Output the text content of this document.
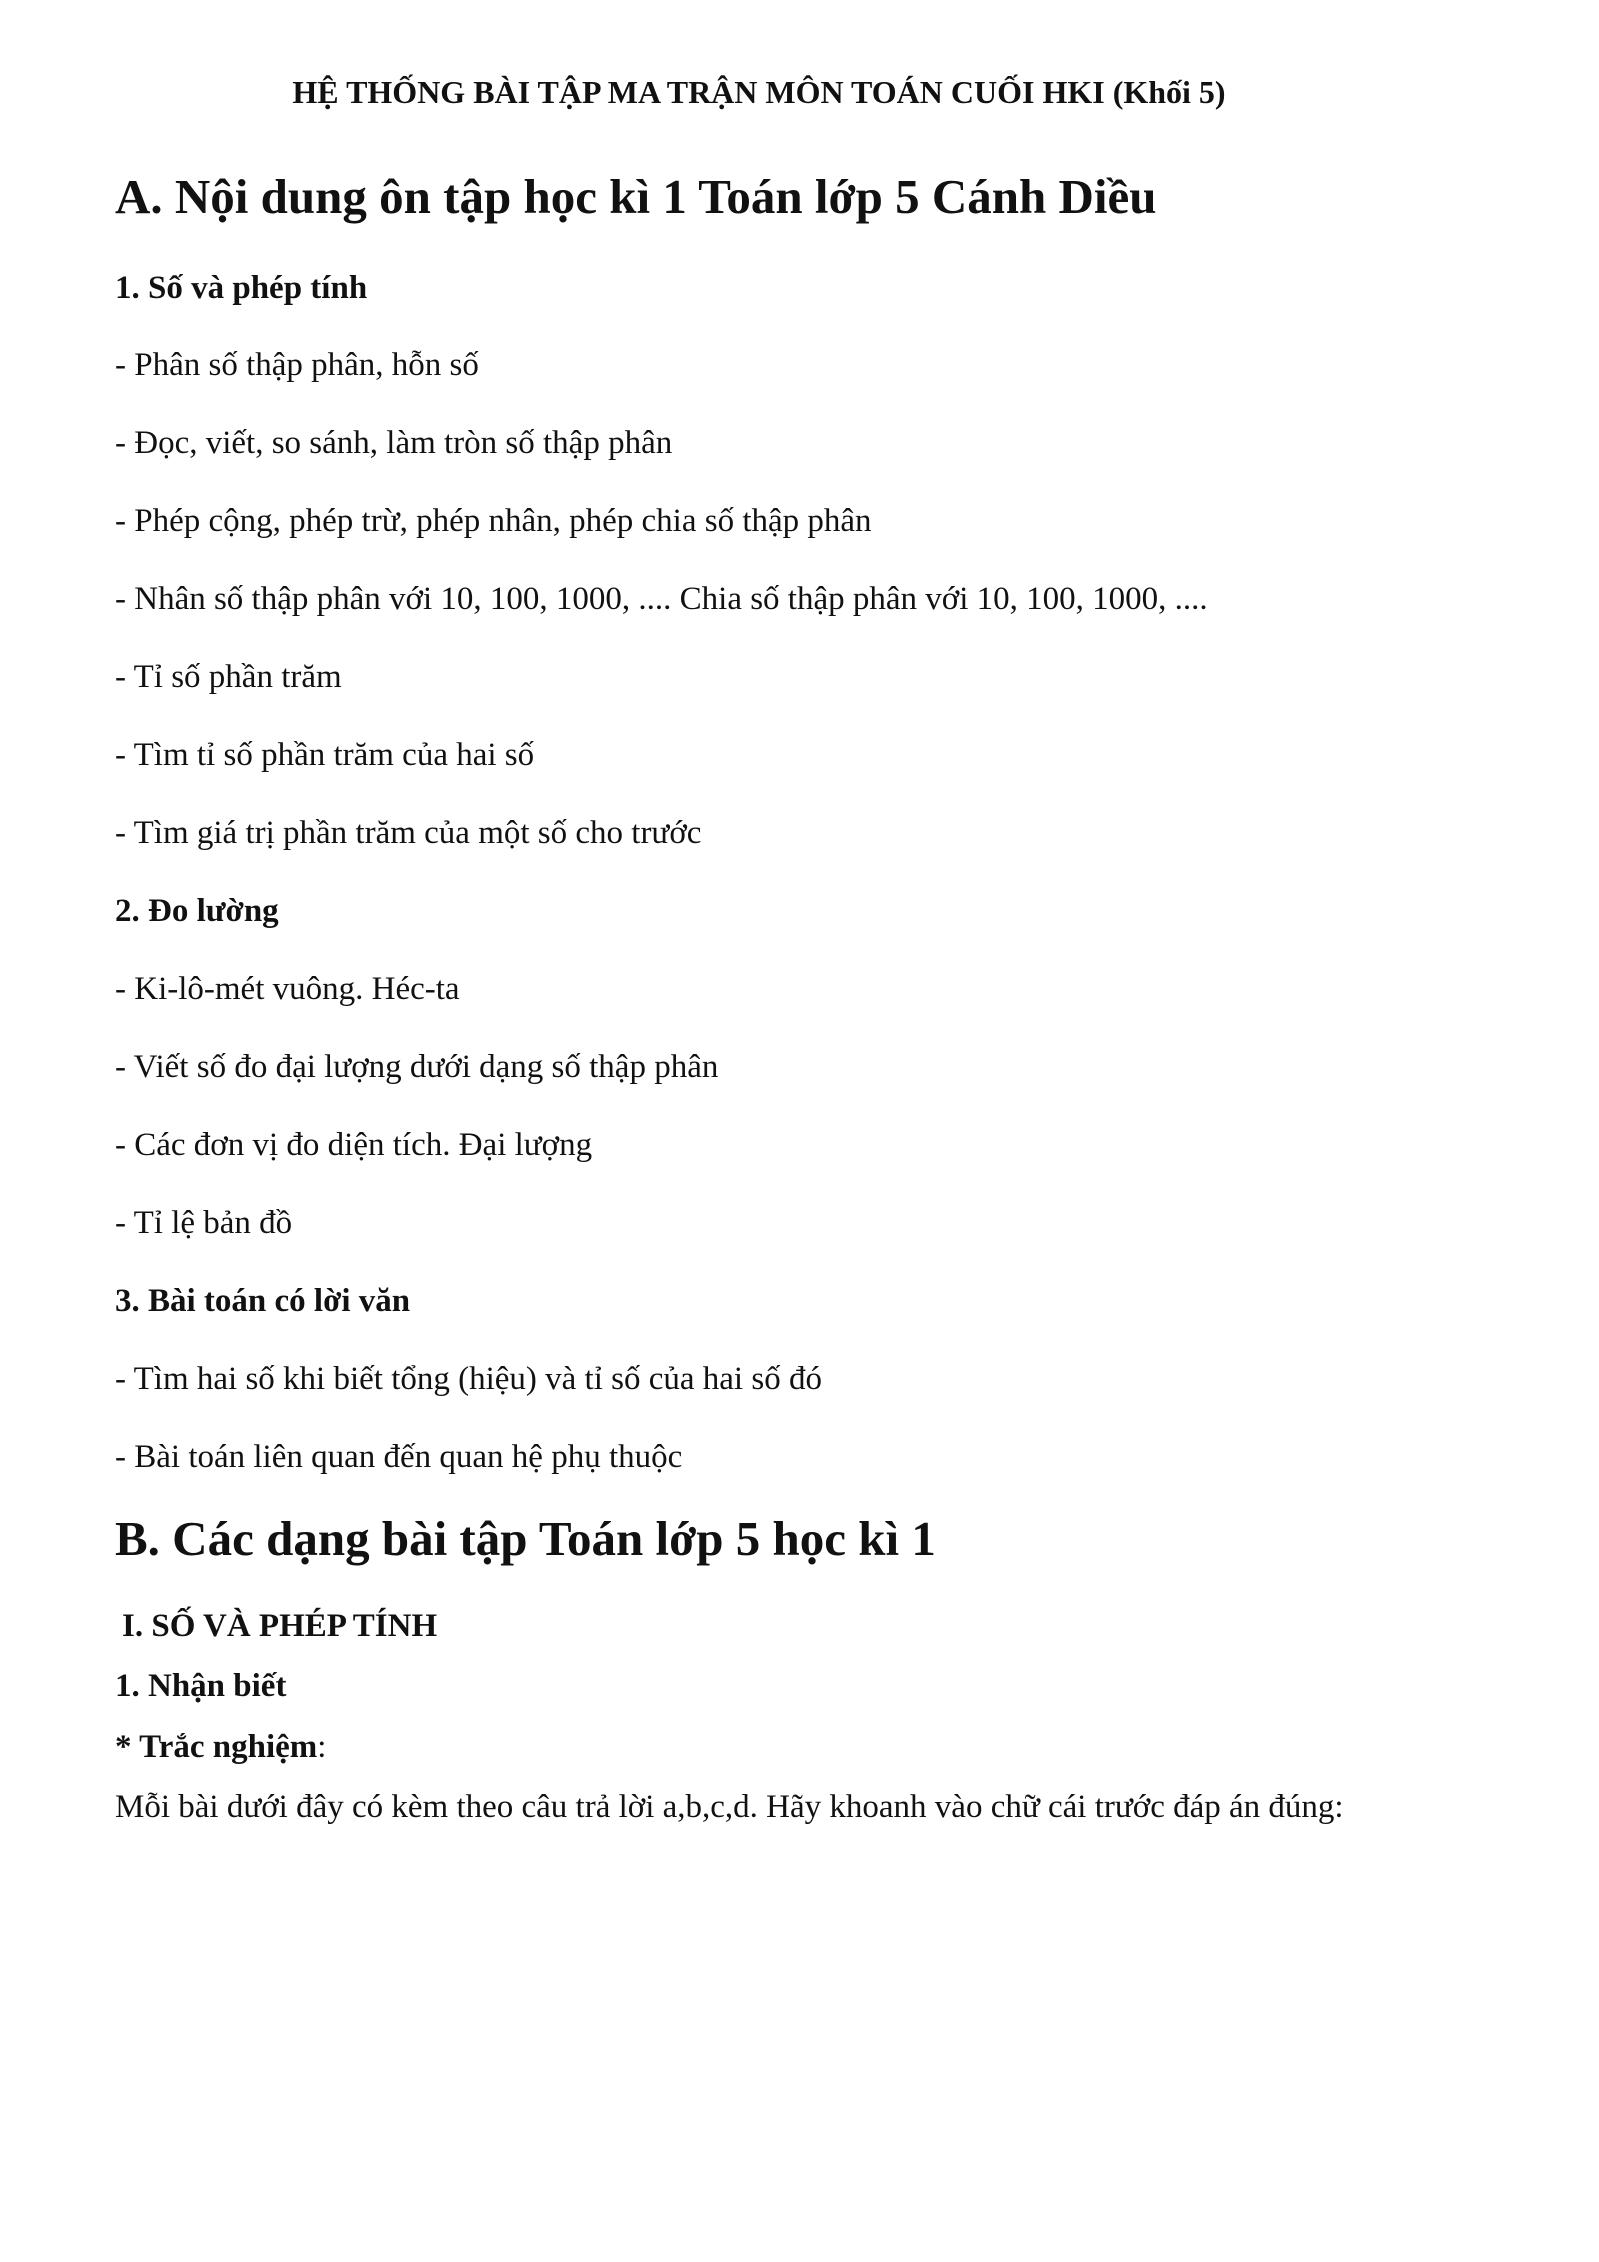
HỆ THỐNG BÀI TẬP MA TRẬN MÔN TOÁN CUỐI HKI (Khối 5)
A. Nội dung ôn tập học kì 1 Toán lớp 5 Cánh Diều
1. Số và phép tính

- Phân số thập phân, hỗn số

- Đọc, viết, so sánh, làm tròn số thập phân

- Phép cộng, phép trừ, phép nhân, phép chia số thập phân

- Nhân số thập phân với 10, 100, 1000, .... Chia số thập phân với 10, 100, 1000, ....

- Tỉ số phần trăm

- Tìm tỉ số phần trăm của hai số

- Tìm giá trị phần trăm của một số cho trước

2. Đo lường

- Ki-lô-mét vuông. Héc-ta

- Viết số đo đại lượng dưới dạng số thập phân

- Các đơn vị đo diện tích. Đại lượng

- Tỉ lệ bản đồ

3. Bài toán có lời văn

- Tìm hai số khi biết tổng (hiệu) và tỉ số của hai số đó

- Bài toán liên quan đến quan hệ phụ thuộc

B. Các dạng bài tập Toán lớp 5 học kì 1
I. SỐ VÀ PHÉP TÍNH
1. Nhận biết

* Trắc nghiệm:

Mỗi bài dưới đây có kèm theo câu trả lời a,b,c,d. Hãy khoanh vào chữ cái trước đáp án đúng:
